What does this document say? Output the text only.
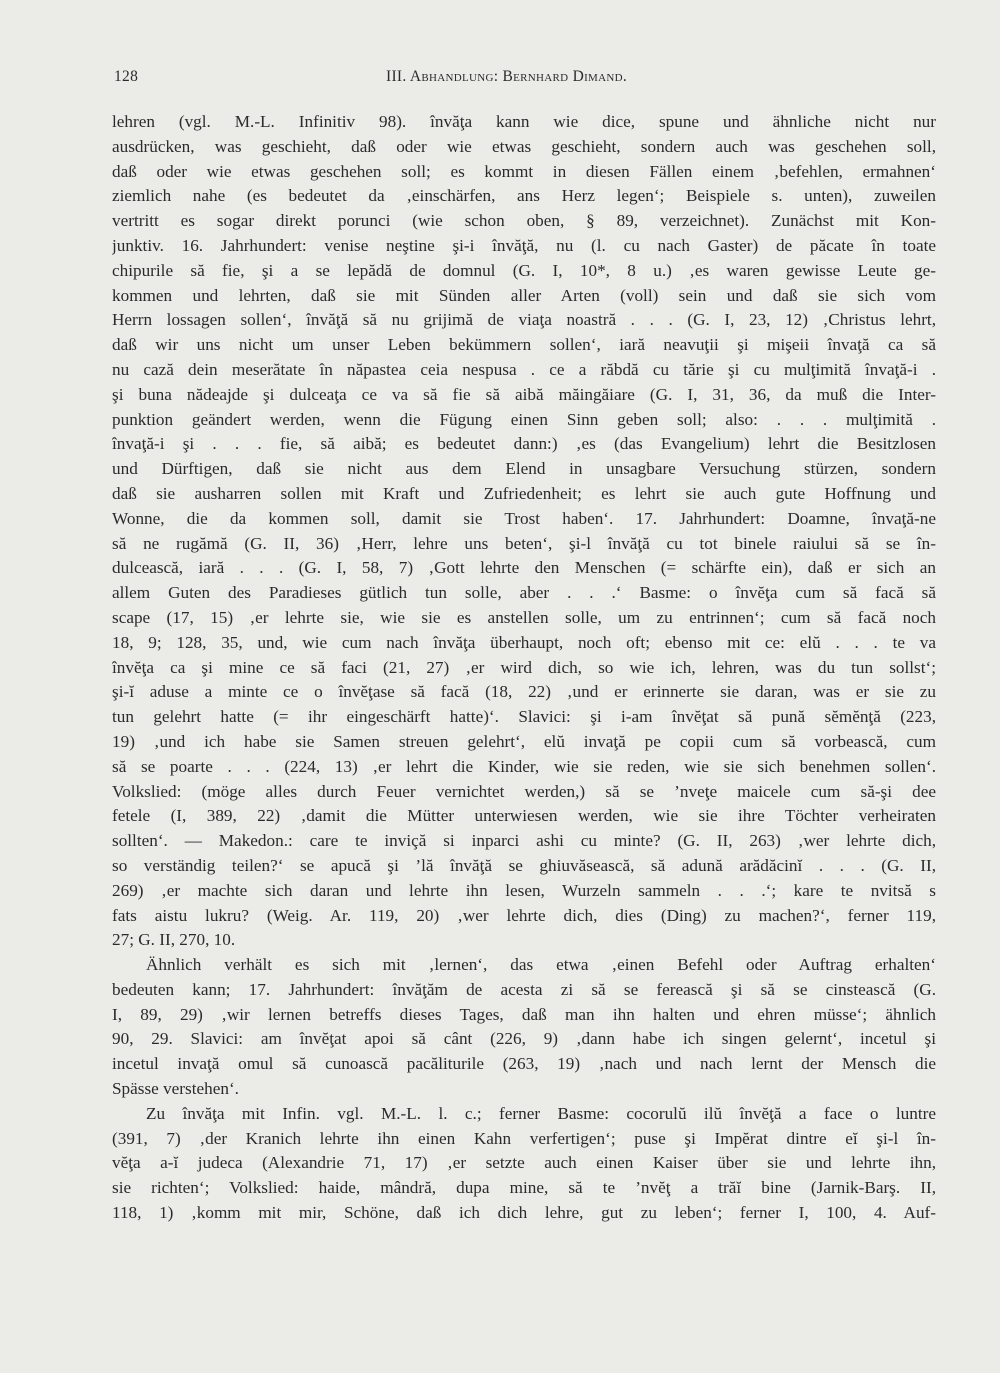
128	III. Abhandlung: Bernhard Dimand.
lehren (vgl. M.-L. Infinitiv 98). învăţa kann wie dice, spune und ähnliche nicht nur
ausdrücken, was geschieht, daß oder wie etwas geschieht, sondern auch was geschehen soll,
daß oder wie etwas geschehen soll; es kommt in diesen Fällen einem ‚befehlen, ermahnen‘
ziemlich nahe (es bedeutet da ‚einschärfen, ans Herz legen‘; Beispiele s. unten), zuweilen
vertritt es sogar direkt porunci (wie schon oben, § 89, verzeichnet). Zunächst mit Kon-
junktiv. 16. Jahrhundert: venise neştine şi-i învăţă, nu (l. cu nach Gaster) de păcate în toate
chipurile să fie, şi a se lepădă de domnul (G. I, 10*, 8 u.) ‚es waren gewisse Leute ge-
kommen und lehrten, daß sie mit Sünden aller Arten (voll) sein und daß sie sich vom
Herrn lossagen sollen‘, învăţă să nu grijimă de viaţa noastră . . . (G. I, 23, 12) ‚Christus lehrt,
daß wir uns nicht um unser Leben bekümmern sollen‘, iară neavuţii şi mişeii învaţă ca să
nu cază dein meserătate în năpastea ceia nespusa . ce a răbdă cu tărie şi cu mulţimită învaţă-i .
şi buna nădeajde şi dulceaţa ce va să fie să aibă măingăiare (G. I, 31, 36, da muß die Inter-
punktion geändert werden, wenn die Fügung einen Sinn geben soll; also: . . . mulţimită .
învaţă-i şi . . . fie, să aibă; es bedeutet dann:) ‚es (das Evangelium) lehrt die Besitzlosen
und Dürftigen, daß sie nicht aus dem Elend in unsagbare Versuchung stürzen, sondern
daß sie ausharren sollen mit Kraft und Zufriedenheit; es lehrt sie auch gute Hoffnung und
Wonne, die da kommen soll, damit sie Trost haben‘. 17. Jahrhundert: Doamne, învaţă-ne
să ne rugămă (G. II, 36) ‚Herr, lehre uns beten‘, şi-l învăţă cu tot binele raiului să se în-
dulcească, iară . . . (G. I, 58, 7) ‚Gott lehrte den Menschen (= schärfte ein), daß er sich an
allem Guten des Paradieses gütlich tun solle, aber . . .‘ Basme: o învĕţa cum să facă să
scape (17, 15) ‚er lehrte sie, wie sie es anstellen solle, um zu entrinnen‘; cum să facă noch
18, 9; 128, 35, und, wie cum nach învăţa überhaupt, noch oft; ebenso mit ce: elŭ . . . te va
învĕţa ca şi mine ce să faci (21, 27) ‚er wird dich, so wie ich, lehren, was du tun sollst‘;
şi-ĭ aduse a minte ce o învĕţase să facă (18, 22) ‚und er erinnerte sie daran, was er sie zu
tun gelehrt hatte (= ihr eingeschärft hatte)‘. Slavici: şi i-am învĕţat să pună sĕmĕnţă (223,
19) ‚und ich habe sie Samen streuen gelehrt‘, elŭ invaţă pe copii cum să vorbească, cum
să se poarte . . . (224, 13) ‚er lehrt die Kinder, wie sie reden, wie sie sich benehmen sollen‘.
Volkslied: (möge alles durch Feuer vernichtet werden,) să se ’nveţe maicele cum să-şi dee
fetele (I, 389, 22) ‚damit die Mütter unterwiesen werden, wie sie ihre Töchter verheiraten
sollten‘. — Makedon.: care te inviçă si inparci ashi cu minte? (G. II, 263) ‚wer lehrte dich,
so verständig teilen?‘ se apucă şi ’lă învăţă se ghiuvăsească, să adună arădăcinĭ . . . (G. II,
269) ‚er machte sich daran und lehrte ihn lesen, Wurzeln sammeln . . .‘; kare te nvitsă s
fats aistu lukru? (Weig. Ar. 119, 20) ‚wer lehrte dich, dies (Ding) zu machen?‘, ferner 119,
27; G. II, 270, 10.
Ähnlich verhält es sich mit ‚lernen‘, das etwa ‚einen Befehl oder Auftrag erhalten‘
bedeuten kann; 17. Jahrhundert: învăţăm de acesta zi să se ferească şi să se cinstească (G.
I, 89, 29) ‚wir lernen betreffs dieses Tages, daß man ihn halten und ehren müsse‘; ähnlich
90, 29. Slavici: am învĕţat apoi să cânt (226, 9) ‚dann habe ich singen gelernt‘, incetul şi
incetul invaţă omul să cunoască pacăliturile (263, 19) ‚nach und nach lernt der Mensch die
Spässe verstehen‘.
Zu învăţa mit Infin. vgl. M.-L. l. c.; ferner Basme: cocorulŭ ilŭ învĕţă a face o luntre
(391, 7) ‚der Kranich lehrte ihn einen Kahn verfertigen‘; puse şi Impĕrat dintre eĭ şi-l în-
vĕţa a-ĭ judeca (Alexandrie 71, 17) ‚er setzte auch einen Kaiser über sie und lehrte ihn,
sie richten‘; Volkslied: haide, mândră, dupa mine, să te ’nvĕţ a trăĭ bine (Jarnik-Barş. II,
118, 1) ‚komm mit mir, Schöne, daß ich dich lehre, gut zu leben‘; ferner I, 100, 4. Auf-
